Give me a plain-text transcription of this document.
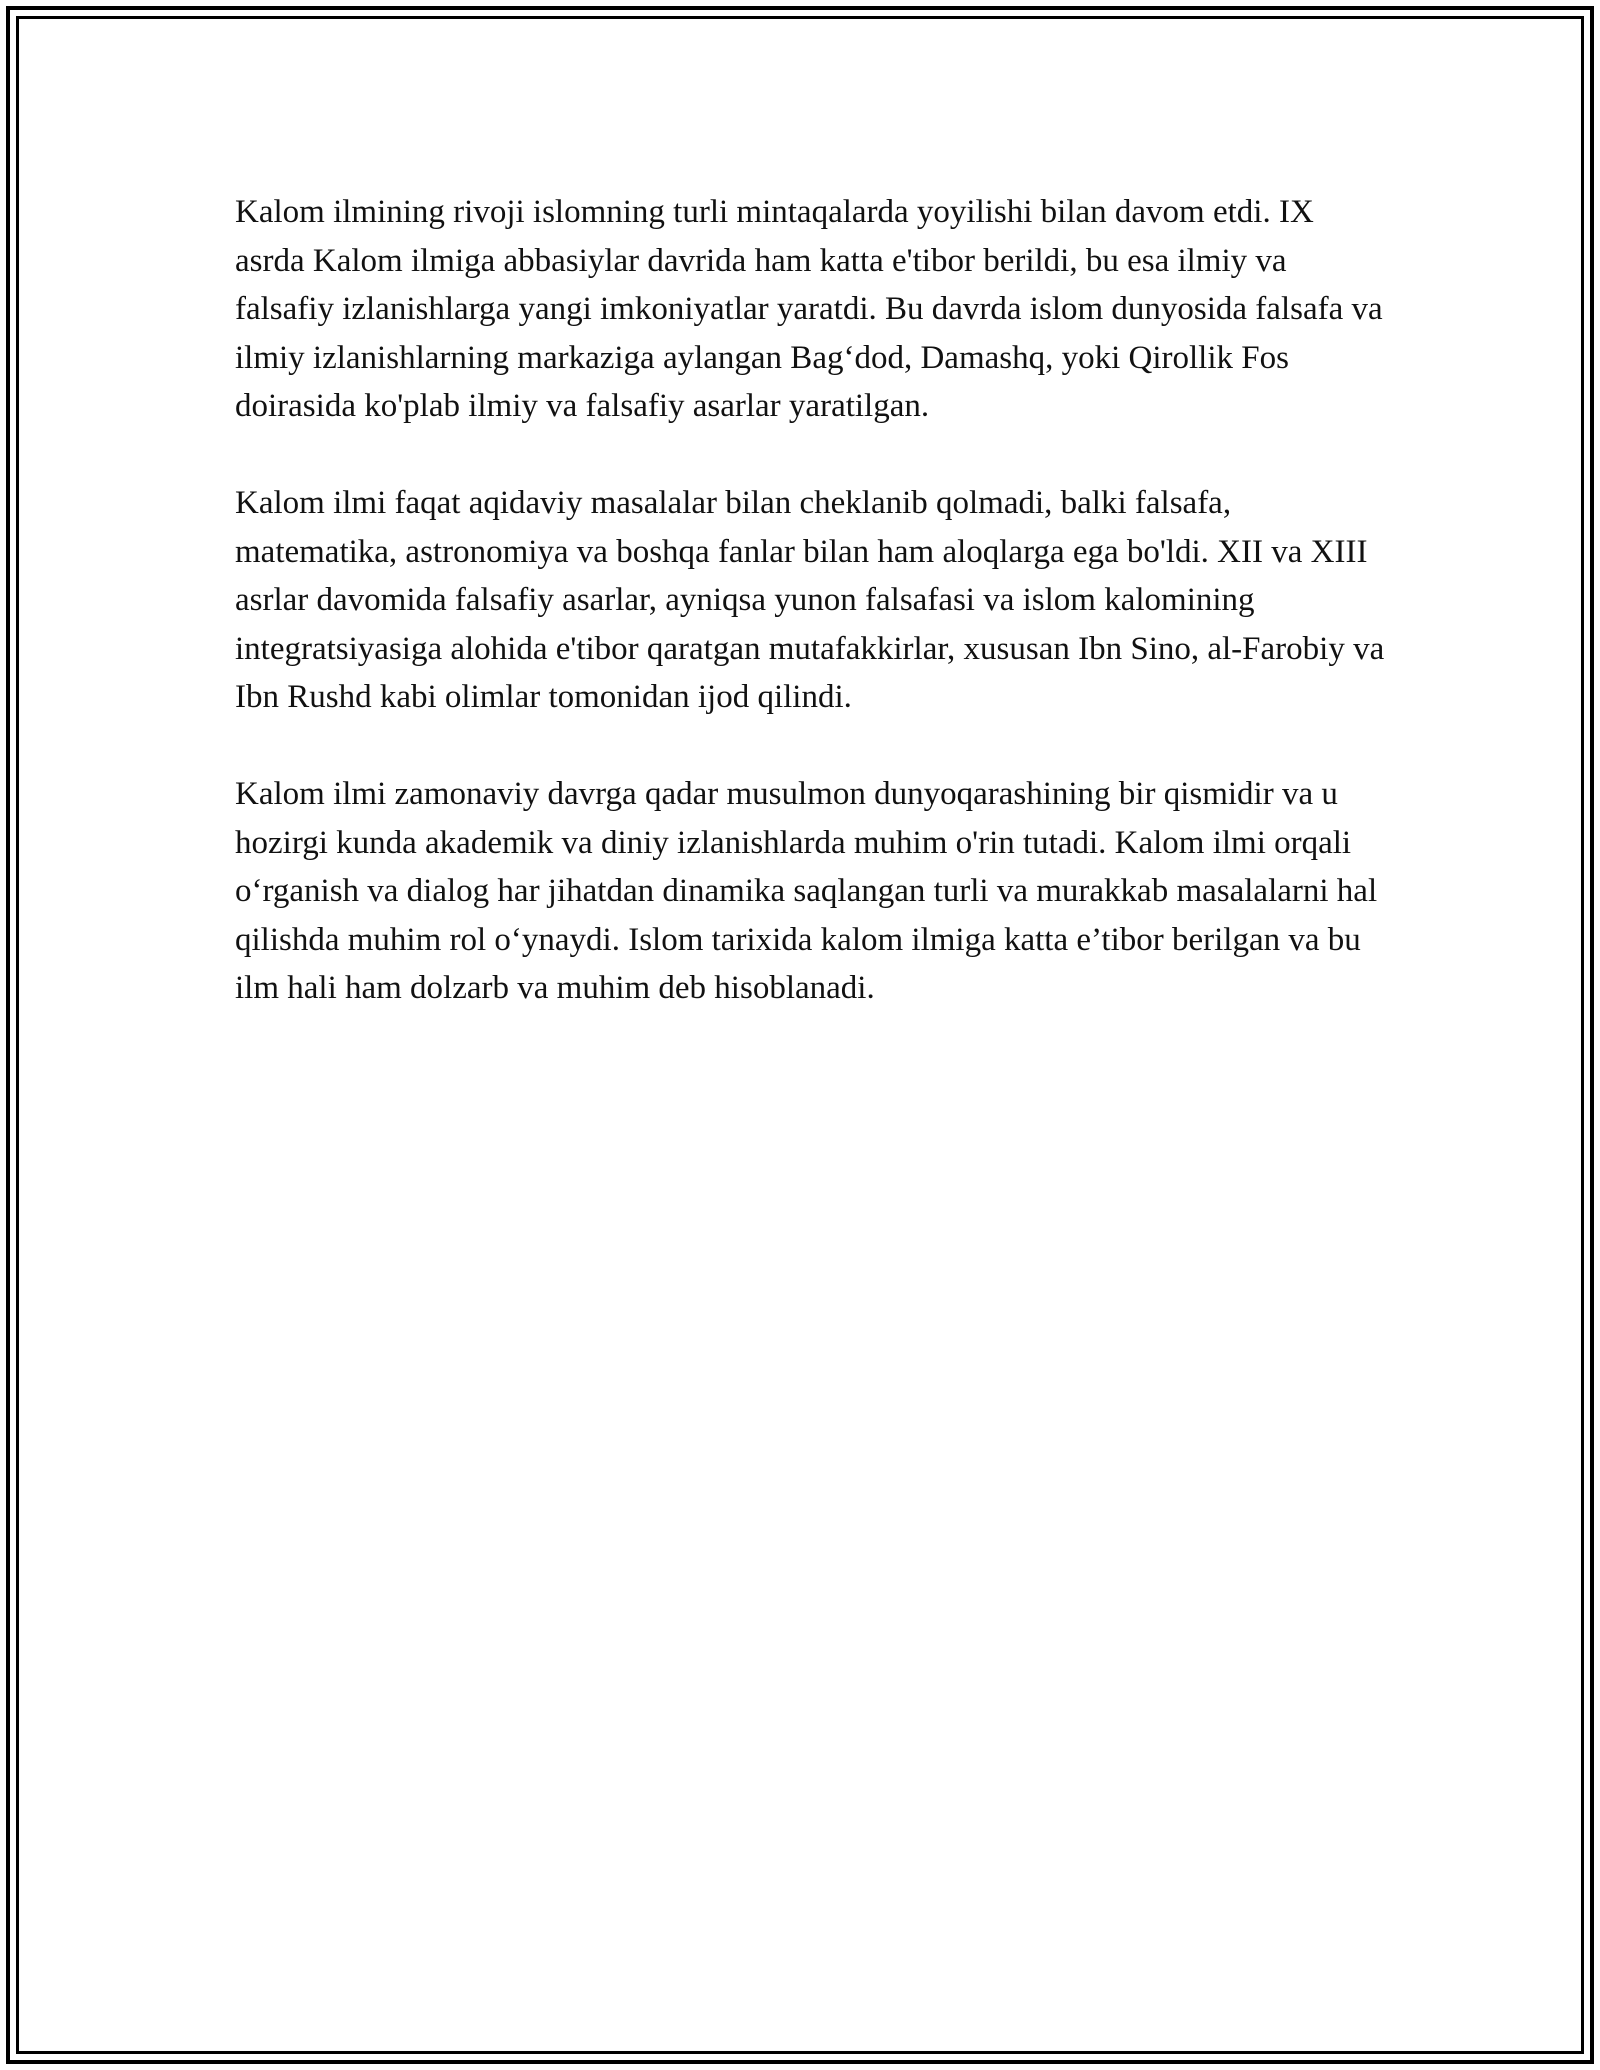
Kalom ilmining rivoji islomning turli mintaqalarda yoyilishi bilan davom etdi. IX asrda Kalom ilmiga abbasiylar davrida ham katta e'tibor berildi, bu esa ilmiy va falsafiy izlanishlarga yangi imkoniyatlar yaratdi. Bu davrda islom dunyosida falsafa va ilmiy izlanishlarning markaziga aylangan Bag‘dod, Damashq, yoki Qirollik Fos doirasida ko'plab ilmiy va falsafiy asarlar yaratilgan.

Kalom ilmi faqat aqidaviy masalalar bilan cheklanib qolmadi, balki falsafa, matematika, astronomiya va boshqa fanlar bilan ham aloqlarga ega bo'ldi. XII va XIII asrlar davomida falsafiy asarlar, ayniqsa yunon falsafasi va islom kalomining integratsiyasiga alohida e'tibor qaratgan mutafakkirlar, xususan Ibn Sino, al-Farobiy va Ibn Rushd kabi olimlar tomonidan ijod qilindi.

Kalom ilmi zamonaviy davrga qadar musulmon dunyoqarashining bir qismidir va u hozirgi kunda akademik va diniy izlanishlarda muhim o'rin tutadi. Kalom ilmi orqali o‘rganish va dialog har jihatdan dinamika saqlangan turli va murakkab masalalarni hal qilishda muhim rol o‘ynaydi. Islom tarixida kalom ilmiga katta e’tibor berilgan va bu ilm hali ham dolzarb va muhim deb hisoblanadi.
